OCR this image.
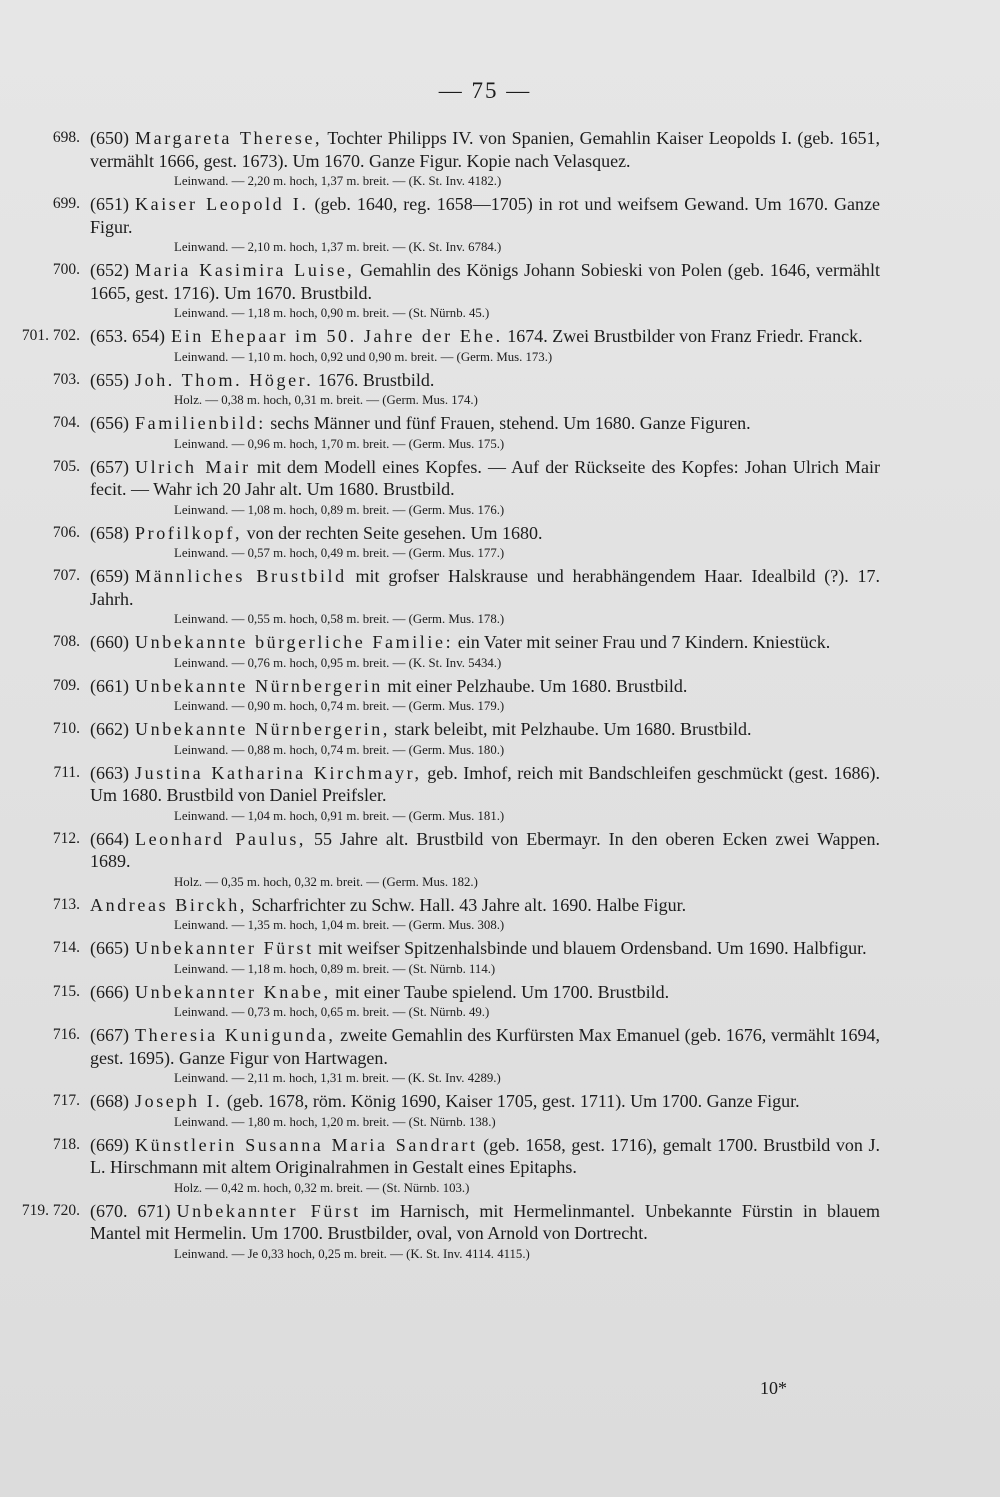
— 75 —
698. (650) Margareta Therese, Tochter Philipps IV. von Spanien, Gemahlin Kaiser Leopolds I. (geb. 1651, vermählt 1666, gest. 1673). Um 1670. Ganze Figur. Kopie nach Velasquez.
Leinwand. — 2,20 m. hoch, 1,37 m. breit. — (K. St. Inv. 4182.)
699. (651) Kaiser Leopold I. (geb. 1640, reg. 1658—1705) in rot und weifsem Gewand. Um 1670. Ganze Figur.
Leinwand. — 2,10 m. hoch, 1,37 m. breit. — (K. St. Inv. 6784.)
700. (652) Maria Kasimira Luise, Gemahlin des Königs Johann Sobieski von Polen (geb. 1646, vermählt 1665, gest. 1716). Um 1670. Brustbild.
Leinwand. — 1,18 m. hoch, 0,90 m. breit. — (St. Nürnb. 45.)
701. 702. (653. 654) Ein Ehepaar im 50. Jahre der Ehe. 1674. Zwei Brustbilder von Franz Friedr. Franck.
Leinwand. — 1,10 m. hoch, 0,92 und 0,90 m. breit. — (Germ. Mus. 173.)
703. (655) Joh. Thom. Höger. 1676. Brustbild.
Holz. — 0,38 m. hoch, 0,31 m. breit. — (Germ. Mus. 174.)
704. (656) Familienbild: sechs Männer und fünf Frauen, stehend. Um 1680. Ganze Figuren.
Leinwand. — 0,96 m. hoch, 1,70 m. breit. — (Germ. Mus. 175.)
705. (657) Ulrich Mair mit dem Modell eines Kopfes. — Auf der Rückseite des Kopfes: Johan Ulrich Mair fecit. — Wahr ich 20 Jahr alt. Um 1680. Brustbild.
Leinwand. — 1,08 m. hoch, 0,89 m. breit. — (Germ. Mus. 176.)
706. (658) Profilkopf, von der rechten Seite gesehen. Um 1680.
Leinwand. — 0,57 m. hoch, 0,49 m. breit. — (Germ. Mus. 177.)
707. (659) Männliches Brustbild mit grofser Halskrause und herabhängendem Haar. Idealbild (?). 17. Jahrh.
Leinwand. — 0,55 m. hoch, 0,58 m. breit. — (Germ. Mus. 178.)
708. (660) Unbekannte bürgerliche Familie: ein Vater mit seiner Frau und 7 Kindern. Kniestück.
Leinwand. — 0,76 m. hoch, 0,95 m. breit. — (K. St. Inv. 5434.)
709. (661) Unbekannte Nürnbergerin mit einer Pelzhaube. Um 1680. Brustbild.
Leinwand. — 0,90 m. hoch, 0,74 m. breit. — (Germ. Mus. 179.)
710. (662) Unbekannte Nürnbergerin, stark beleibt, mit Pelzhaube. Um 1680. Brustbild.
Leinwand. — 0,88 m. hoch, 0,74 m. breit. — (Germ. Mus. 180.)
711. (663) Justina Katharina Kirchmayr, geb. Imhof, reich mit Bandschleifen geschmückt (gest. 1686). Um 1680. Brustbild von Daniel Preifsler.
Leinwand. — 1,04 m. hoch, 0,91 m. breit. — (Germ. Mus. 181.)
712. (664) Leonhard Paulus, 55 Jahre alt. Brustbild von Ebermayr. In den oberen Ecken zwei Wappen. 1689.
Holz. — 0,35 m. hoch, 0,32 m. breit. — (Germ. Mus. 182.)
713. Andreas Birckh, Scharfrichter zu Schw. Hall. 43 Jahre alt. 1690. Halbe Figur.
Leinwand. — 1,35 m. hoch, 1,04 m. breit. — (Germ. Mus. 308.)
714. (665) Unbekannter Fürst mit weifser Spitzenhalsbinde und blauem Ordensband. Um 1690. Halbfigur.
Leinwand. — 1,18 m. hoch, 0,89 m. breit. — (St. Nürnb. 114.)
715. (666) Unbekannter Knabe, mit einer Taube spielend. Um 1700. Brustbild.
Leinwand. — 0,73 m. hoch, 0,65 m. breit. — (St. Nürnb. 49.)
716. (667) Theresia Kunigunda, zweite Gemahlin des Kurfürsten Max Emanuel (geb. 1676, vermählt 1694, gest. 1695). Ganze Figur von Hartwagen.
Leinwand. — 2,11 m. hoch, 1,31 m. breit. — (K. St. Inv. 4289.)
717. (668) Joseph I. (geb. 1678, röm. König 1690, Kaiser 1705, gest. 1711). Um 1700. Ganze Figur.
Leinwand. — 1,80 m. hoch, 1,20 m. breit. — (St. Nürnb. 138.)
718. (669) Künstlerin Susanna Maria Sandrart (geb. 1658, gest. 1716), gemalt 1700. Brustbild von J. L. Hirschmann mit altem Originalrahmen in Gestalt eines Epitaphs.
Holz. — 0,42 m. hoch, 0,32 m. breit. — (St. Nürnb. 103.)
719. 720. (670. 671) Unbekannter Fürst im Harnisch, mit Hermelinmantel. Unbekannte Fürstin in blauem Mantel mit Hermelin. Um 1700. Brustbilder, oval, von Arnold von Dortrecht.
Leinwand. — Je 0,33 hoch, 0,25 m. breit. — (K. St. Inv. 4114. 4115.)
10*
